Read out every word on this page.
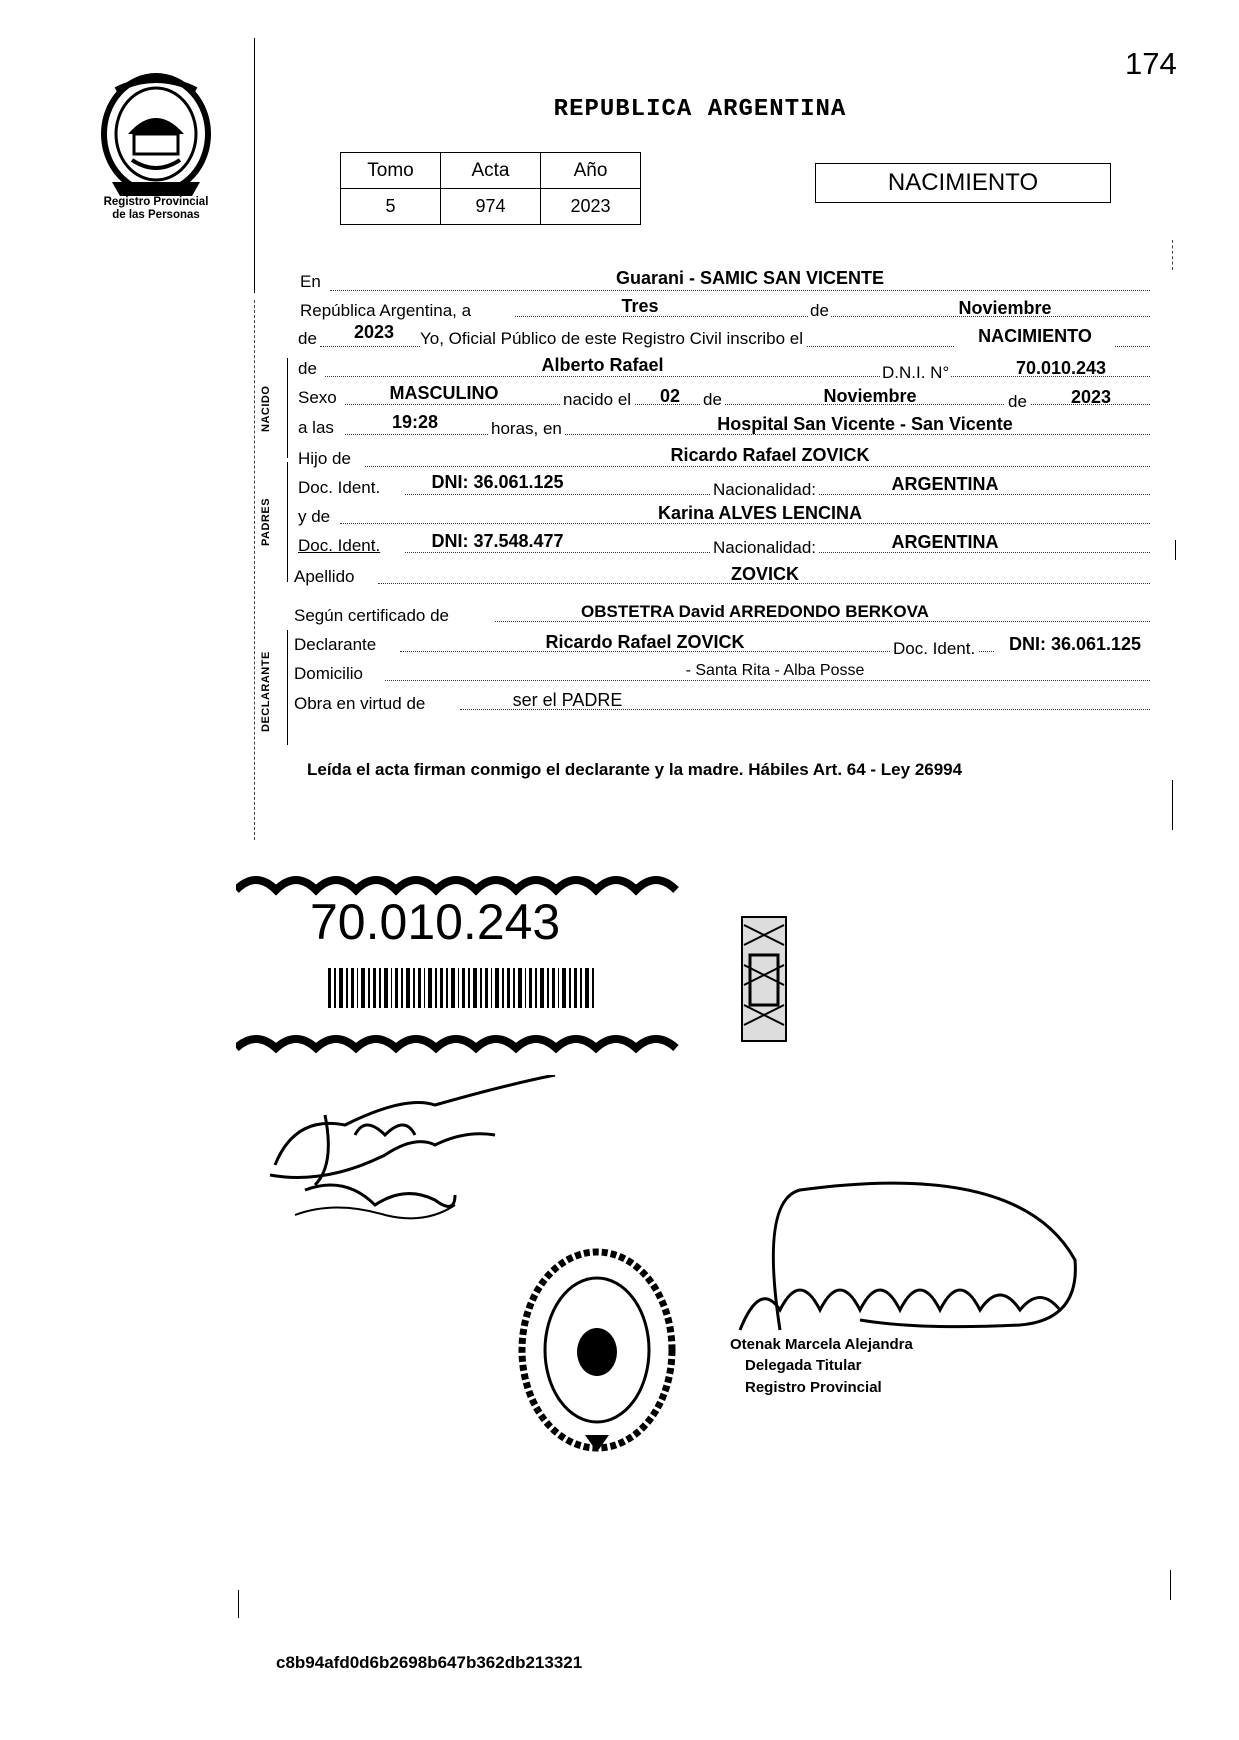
174
Registro Provincial
de las Personas
REPUBLICA ARGENTINA
Tomo	Acta	Año
5	974	2023
NACIMIENTO
NACIDO
PADRES
DECLARANTE
En	Guarani - SAMIC SAN VICENTE
República Argentina, a	Tres	de	Noviembre
de	2023	Yo, Oficial Público de este Registro Civil inscribo el	NACIMIENTO
de	Alberto Rafael	D.N.I. N°	70.010.243
Sexo	MASCULINO	nacido el	02	de	Noviembre	de	2023
a las	19:28	horas, en	Hospital San Vicente - San Vicente
Hijo de	Ricardo Rafael ZOVICK
Doc. Ident.	DNI: 36.061.125	Nacionalidad:	ARGENTINA
y de	Karina ALVES LENCINA
Doc. Ident.	DNI: 37.548.477	Nacionalidad:	ARGENTINA
Apellido	ZOVICK
Según certificado de	OBSTETRA David ARREDONDO BERKOVA
Declarante	Ricardo Rafael ZOVICK	Doc. Ident.	DNI: 36.061.125
Domicilio	- Santa Rita - Alba Posse
Obra en virtud de	ser el PADRE
Leída el acta firman conmigo el declarante y la madre. Hábiles Art. 64 - Ley 26994
70.010.243
Otenak Marcela Alejandra
Delegada Titular
Registro Provincial
c8b94afd0d6b2698b647b362db213321
